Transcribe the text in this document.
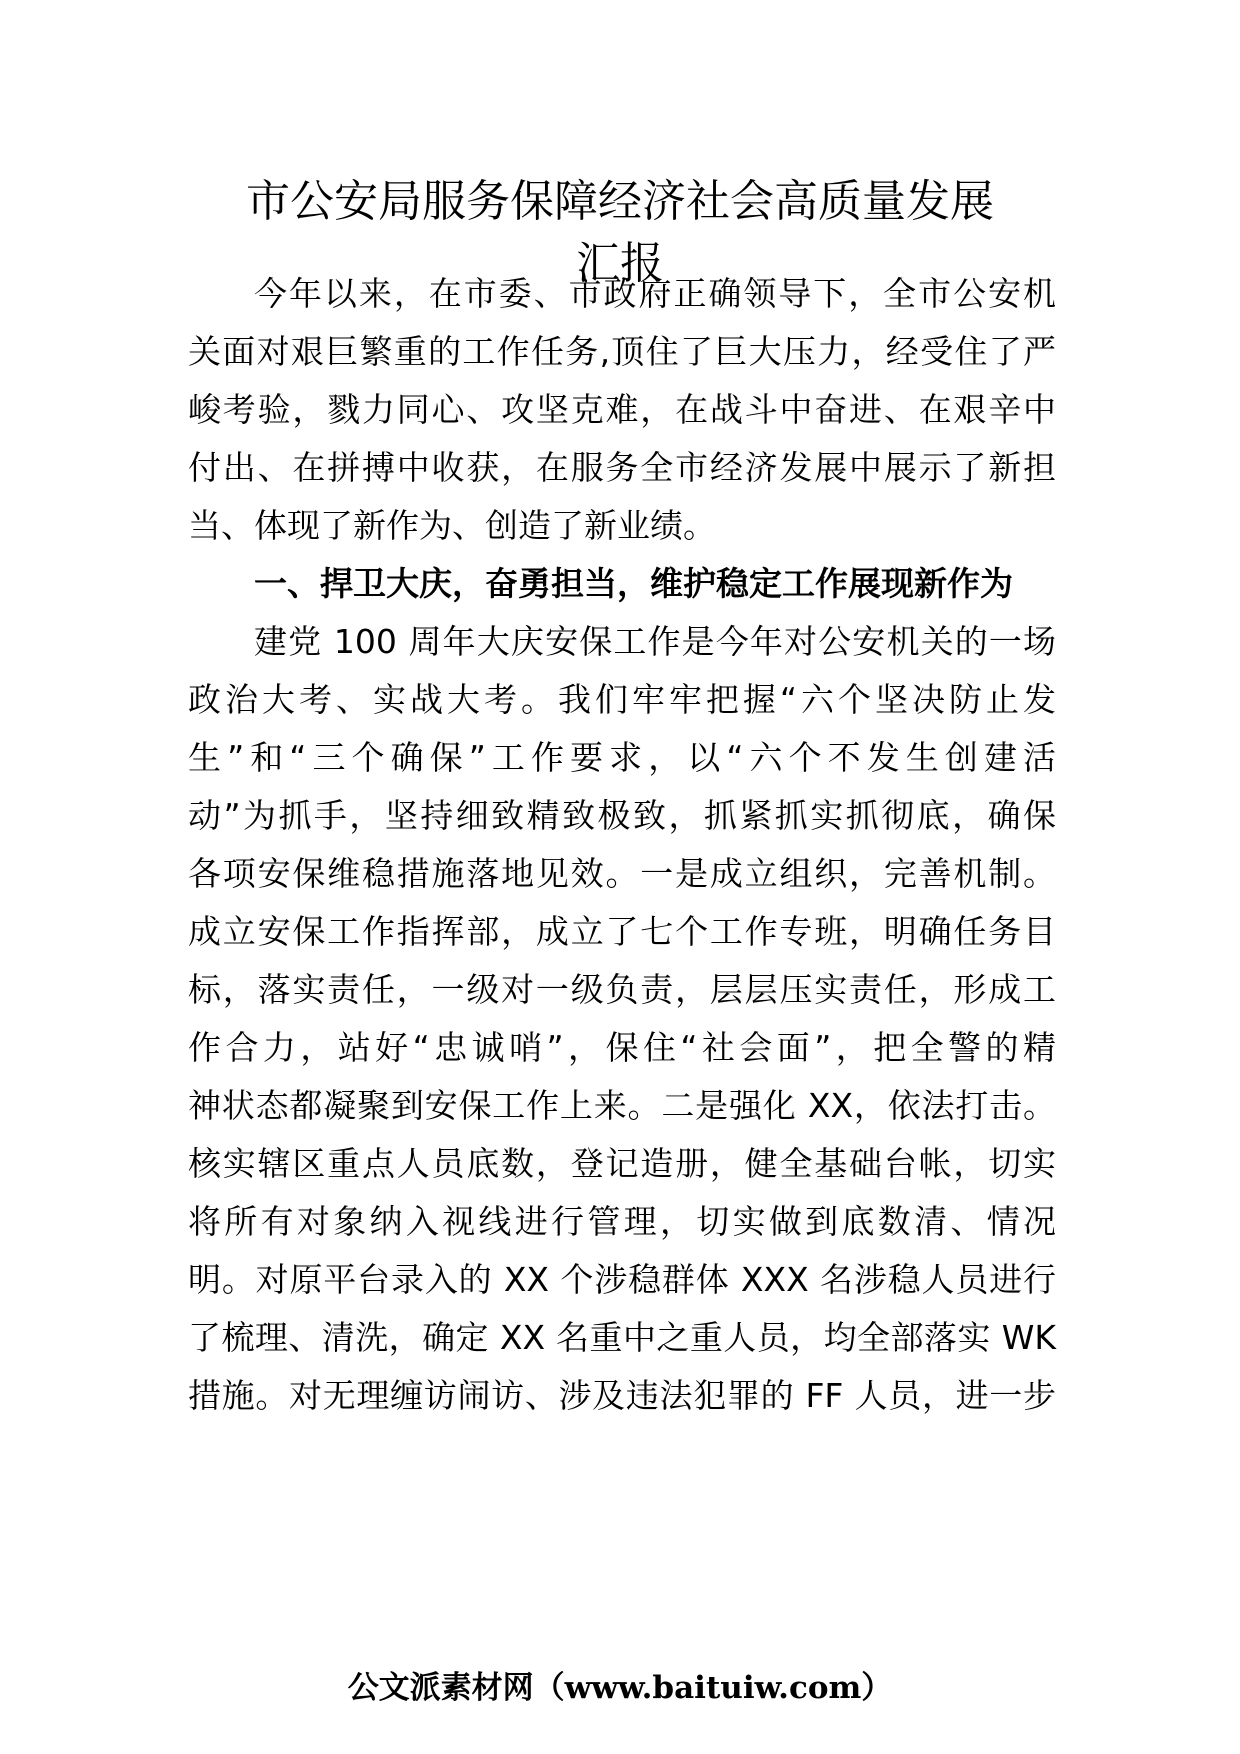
市公安局服务保障经济社会高质量发展
汇报
今年以来，在市委、市政府正确领导下，全市公安机
关面对艰巨繁重的工作任务,顶住了巨大压力，经受住了严
峻考验，戮力同心、攻坚克难，在战斗中奋进、在艰辛中
付出、在拼搏中收获，在服务全市经济发展中展示了新担
当、体现了新作为、创造了新业绩。
一、捍卫大庆，奋勇担当，维护稳定工作展现新作为
建党 100 周年大庆安保工作是今年对公安机关的一场
政治大考、实战大考。我们牢牢把握“六个坚决防止发
生”和“三个确保”工作要求，以“六个不发生创建活
动”为抓手，坚持细致精致极致，抓紧抓实抓彻底，确保
各项安保维稳措施落地见效。一是成立组织，完善机制。
成立安保工作指挥部，成立了七个工作专班，明确任务目
标，落实责任，一级对一级负责，层层压实责任，形成工
作合力，站好“忠诚哨”，保住“社会面”，把全警的精
神状态都凝聚到安保工作上来。二是强化 XX，依法打击。
核实辖区重点人员底数，登记造册，健全基础台帐，切实
将所有对象纳入视线进行管理，切实做到底数清、情况
明。对原平台录入的 XX 个涉稳群体 XXX 名涉稳人员进行
了梳理、清洗，确定 XX 名重中之重人员，均全部落实 WK
措施。对无理缠访闹访、涉及违法犯罪的 FF 人员，进一步
公文派素材网（www.baituiw.com）
